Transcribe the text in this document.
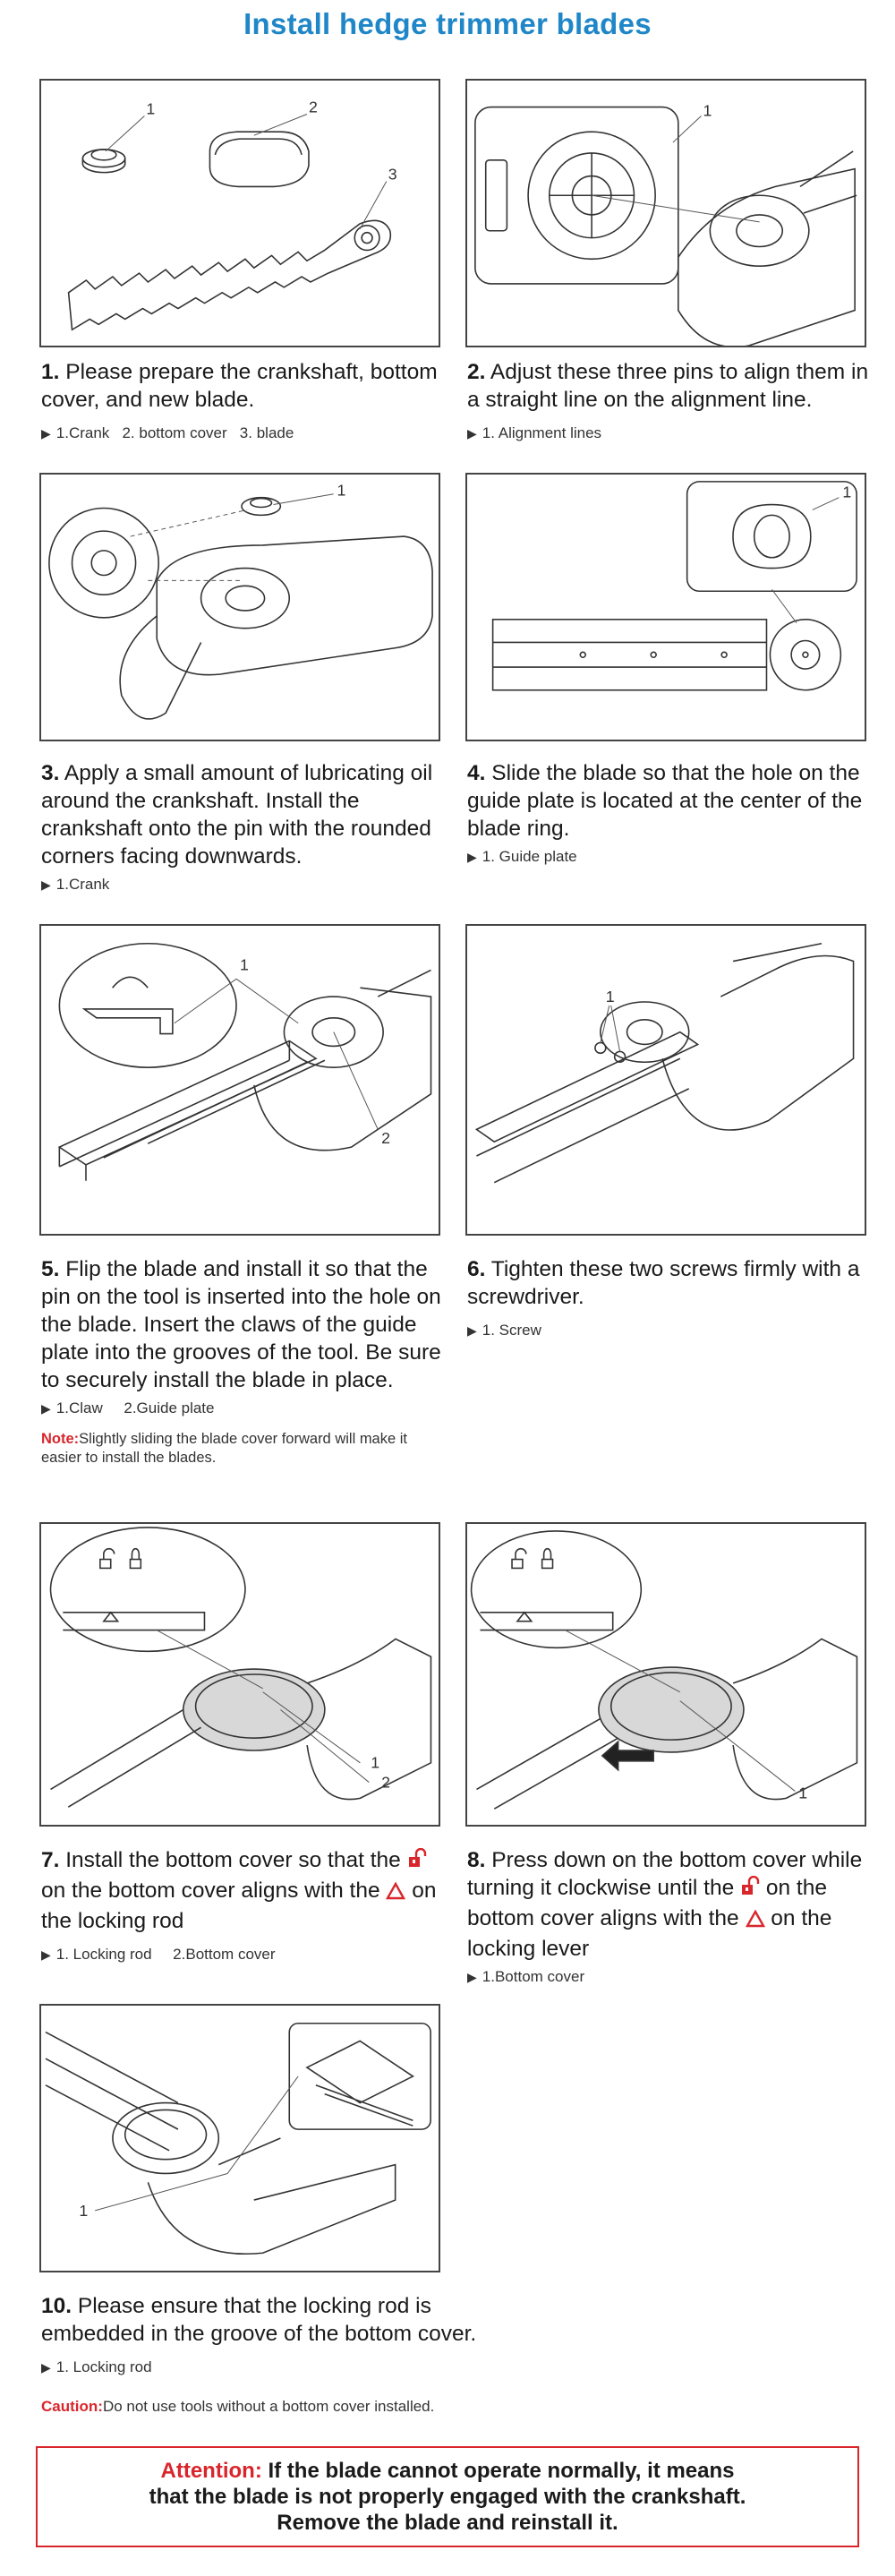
Install hedge trimmer blades
1	2
3
1
1. Please prepare the crankshaft, bottom cover, and new blade.
▶ 1.Crank   2. bottom cover   3. blade
2. Adjust these three pins to align them in a straight line on the alignment line.
▶ 1. Alignment lines
1	1
3. Apply a small amount of lubricating oil around the crankshaft. Install the crankshaft onto the pin with the rounded corners facing downwards.
▶ 1.Crank
4. Slide the blade so that the hole on the guide plate is located at the center of the blade ring.
▶ 1. Guide plate
1
2
1
5. Flip the blade and install it so that the pin on the tool is inserted into the hole on the blade. Insert the claws of the guide plate into the grooves of the tool. Be sure to securely install the blade in place.
▶ 1.Claw     2.Guide plate
Note:Slightly sliding the blade cover forward will make it easier to install the blades.
6. Tighten these two screws firmly with a screwdriver.
▶ 1. Screw
1
2
1
7. Install the bottom cover so that the  on the bottom cover aligns with the  on the locking rod
▶ 1. Locking rod     2.Bottom cover
8. Press down on the bottom cover while turning it clockwise until the  on the bottom cover aligns with the  on the locking lever
▶ 1.Bottom cover
1
10. Please ensure that the locking rod is embedded in the groove of the bottom cover.
▶ 1. Locking rod
Caution:Do not use tools without a bottom cover installed.
Attention: If the blade cannot operate normally, it means
that the blade is not properly engaged with the crankshaft.
Remove the blade and reinstall it.
